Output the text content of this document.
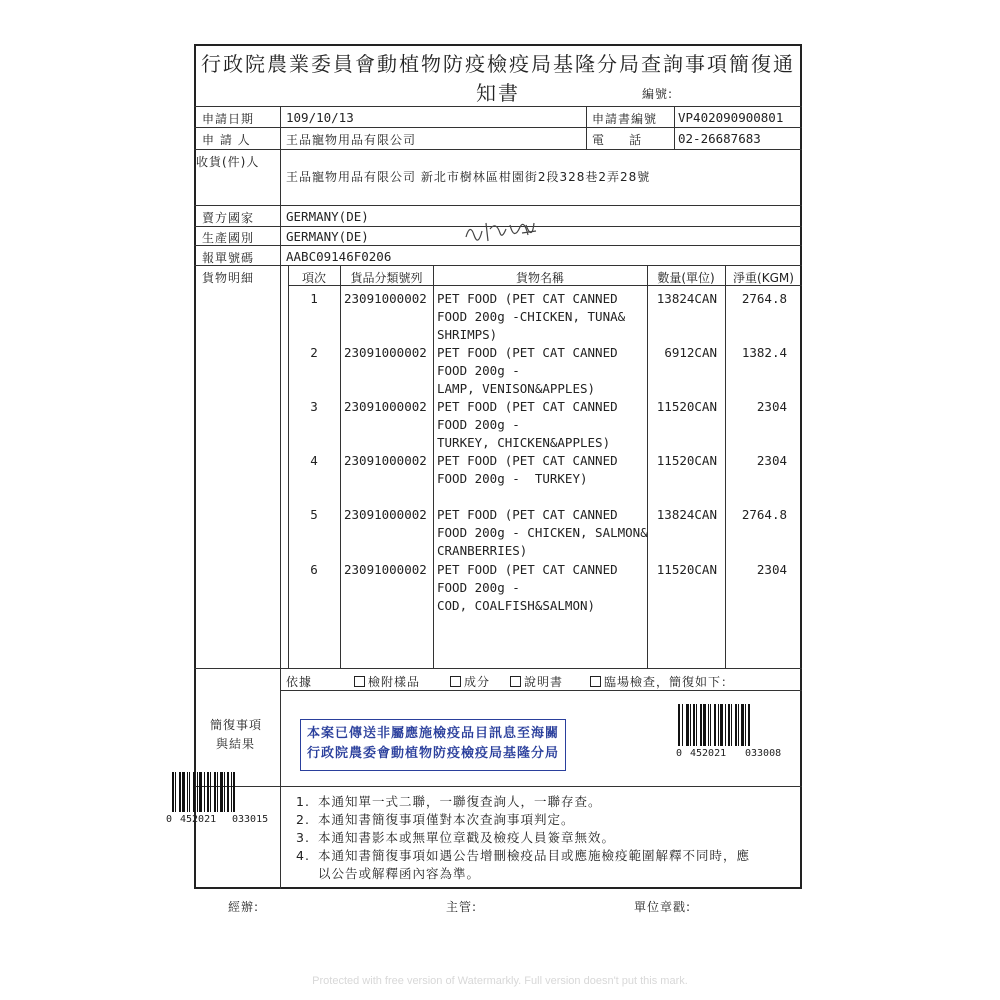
行政院農業委員會動植物防疫檢疫局基隆分局查詢事項簡復通知書	編號:
申請日期	109/10/13	申請書編號 VP402090900801
申 請 人	王品寵物用品有限公司	電     話	02-26687683
收貨(件)人
王品寵物用品有限公司 新北市樹林區柑園街2段328巷2弄28號
賣方國家	GERMANY(DE)
生產國別	GERMANY(DE)
報單號碼	AABC09146F0206
貨物明細	項次	貨品分類號列	貨物名稱	數量(單位)	淨重(KGM)
1	23091000002 PET FOOD (PET CAT CANNED
FOOD 200g -CHICKEN, TUNA&
SHRIMPS)
13824CAN	2764.8
2	23091000002 PET FOOD (PET CAT CANNED
FOOD 200g -
LAMP, VENISON&APPLES)
6912CAN	1382.4
3	23091000002 PET FOOD (PET CAT CANNED
FOOD 200g -
TURKEY, CHICKEN&APPLES)
11520CAN	2304
4	23091000002 PET FOOD (PET CAT CANNED
FOOD 200g -  TURKEY)
11520CAN	2304
5	23091000002 PET FOOD (PET CAT CANNED
FOOD 200g - CHICKEN, SALMON&
CRANBERRIES)
13824CAN	2764.8
6	23091000002 PET FOOD (PET CAT CANNED
FOOD 200g -
COD, COALFISH&SALMON)
11520CAN	2304
依據	檢附樣品	成分	說明書	臨場檢查，簡復如下：
簡復事項
與結果
本案已傳送非屬應施檢疫品目訊息至海關
行政院農委會動植物防疫檢疫局基隆分局	0 452021 033008
0 452021 033015
1. 本通知單一式二聯，一聯復查詢人，一聯存查。
2. 本通知書簡復事項僅對本次查詢事項判定。
3. 本通知書影本或無單位章戳及檢疫人員簽章無效。
4. 本通知書簡復事項如遇公告增刪檢疫品目或應施檢疫範圍解釋不同時，應
以公告或解釋函內容為準。
經辦:	主管:	單位章戳:
Protected with free version of Watermarkly. Full version doesn't put this mark.
